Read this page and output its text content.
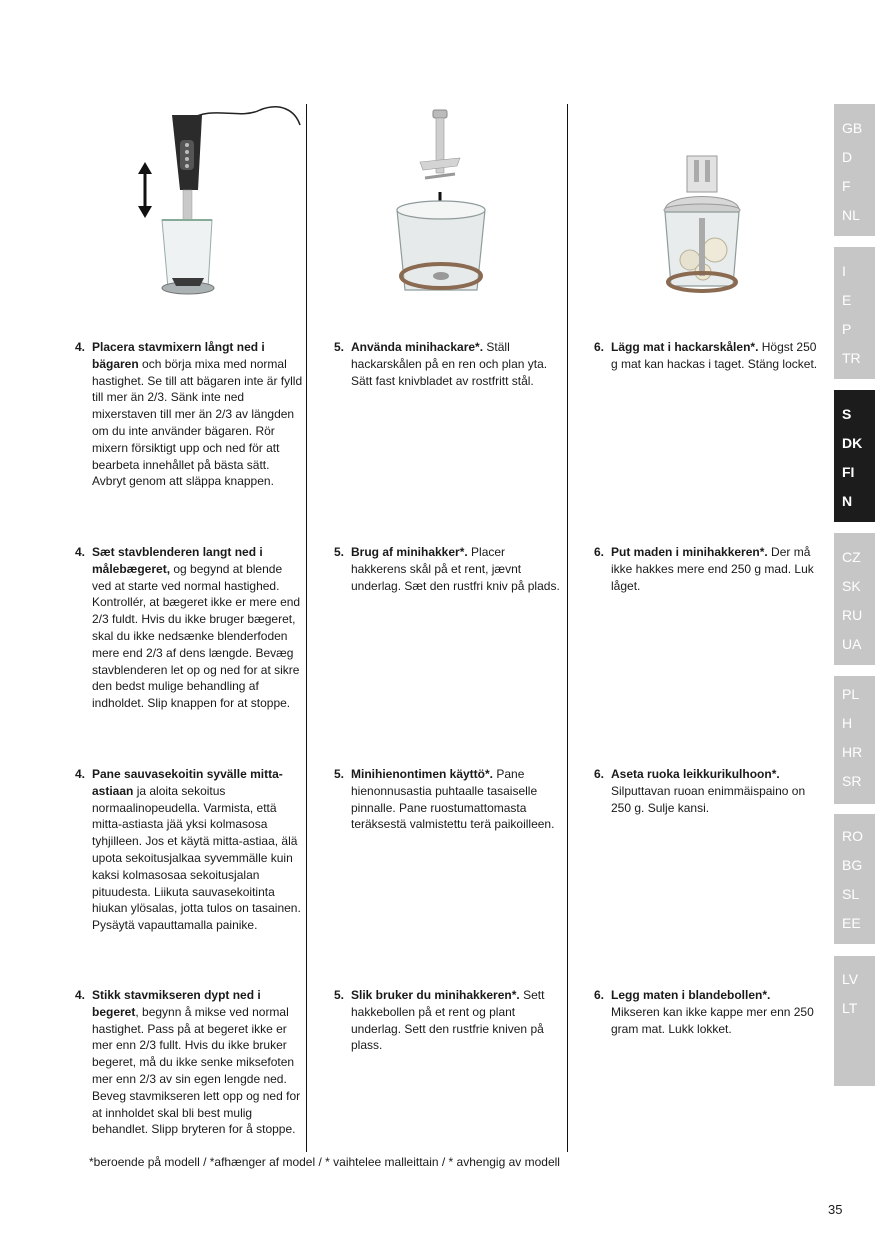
4. Placera stavmixern långt ned i bägaren och börja mixa med normal hastighet. Se till att bägaren inte är fylld till mer än 2/3. Sänk inte ned mixerstaven till mer än 2/3 av längden om du inte använder bägaren. Rör mixern försiktigt upp och ned för att bearbeta innehållet på bästa sätt. Avbryt genom att släppa knappen.
4. Sæt stavblenderen langt ned i målebægeret, og begynd at blende ved at starte ved normal hastighed. Kontrollér, at bægeret ikke er mere end 2/3 fuldt. Hvis du ikke bruger bægeret, skal du ikke nedsænke blenderfoden mere end 2/3 af dens længde. Bevæg stavblenderen let op og ned for at sikre den bedst mulige behandling af indholdet. Slip knappen for at stoppe.
4. Pane sauvasekoitin syvälle mitta-astiaan ja aloita sekoitus normaalinopeudella. Varmista, että mitta-astiasta jää yksi kolmasosa tyhjilleen. Jos et käytä mitta-astiaa, älä upota sekoitusjalkaa syvemmälle kuin kaksi kolmasosaa sekoitusjalan pituudesta. Liikuta sauvasekoitinta hiukan ylösalas, jotta tulos on tasainen. Pysäytä vapauttamalla painike.
4. Stikk stavmikseren dypt ned i begeret, begynn å mikse ved normal hastighet. Pass på at begeret ikke er mer enn 2/3 fullt. Hvis du ikke bruker begeret, må du ikke senke miksefoten mer enn 2/3 av sin egen lengde ned. Beveg stavmikseren lett opp og ned for at innholdet skal bli best mulig behandlet. Slipp bryteren for å stoppe.
5. Använda minihackare*. Ställ hackarskålen på en ren och plan yta. Sätt fast knivbladet av rostfritt stål.
5. Brug af minihakker*. Placer hakkerens skål på et rent, jævnt underlag. Sæt den rustfri kniv på plads.
5. Minihienontimen käyttö*. Pane hienonnusastia puhtaalle tasaiselle pinnalle. Pane ruostumattomasta teräksestä valmistettu terä paikoilleen.
5. Slik bruker du minihakkeren*. Sett hakkebollen på et rent og plant underlag. Sett den rustfrie kniven på plass.
6. Lägg mat i hackarskålen*. Högst 250 g mat kan hackas i taget. Stäng locket.
6. Put maden i minihakkeren*. Der må ikke hakkes mere end 250 g mad. Luk låget.
6. Aseta ruoka leikkurikulhoon*. Silputtavan ruoan enimmäispaino on 250 g. Sulje kansi.
6. Legg maten i blandebollen*. Mikseren kan ikke kappe mer enn 250 gram mat. Lukk lokket.
GB
D
F
NL
I
E
P
TR
S
DK
FI
N
CZ
SK
RU
UA
PL
H
HR
SR
RO
BG
SL
EE
LV
LT
*beroende på modell / *afhænger af model / * vaihtelee malleittain / * avhengig av modell
35
